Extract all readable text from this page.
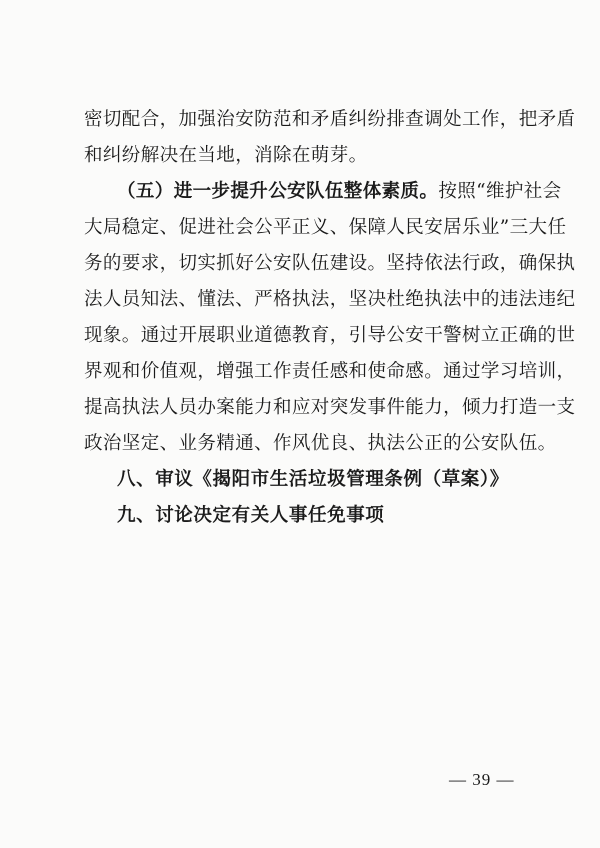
密切配合，加强治安防范和矛盾纠纷排查调处工作，把矛盾
和纠纷解决在当地，消除在萌芽。
（五）进一步提升公安队伍整体素质。按照“维护社会
大局稳定、促进社会公平正义、保障人民安居乐业”三大任
务的要求，切实抓好公安队伍建设。坚持依法行政，确保执
法人员知法、懂法、严格执法，坚决杜绝执法中的违法违纪
现象。通过开展职业道德教育，引导公安干警树立正确的世
界观和价值观，增强工作责任感和使命感。通过学习培训，
提高执法人员办案能力和应对突发事件能力，倾力打造一支
政治坚定、业务精通、作风优良、执法公正的公安队伍。
八、审议《揭阳市生活垃圾管理条例（草案）》
九、讨论决定有关人事任免事项
— 39 —
